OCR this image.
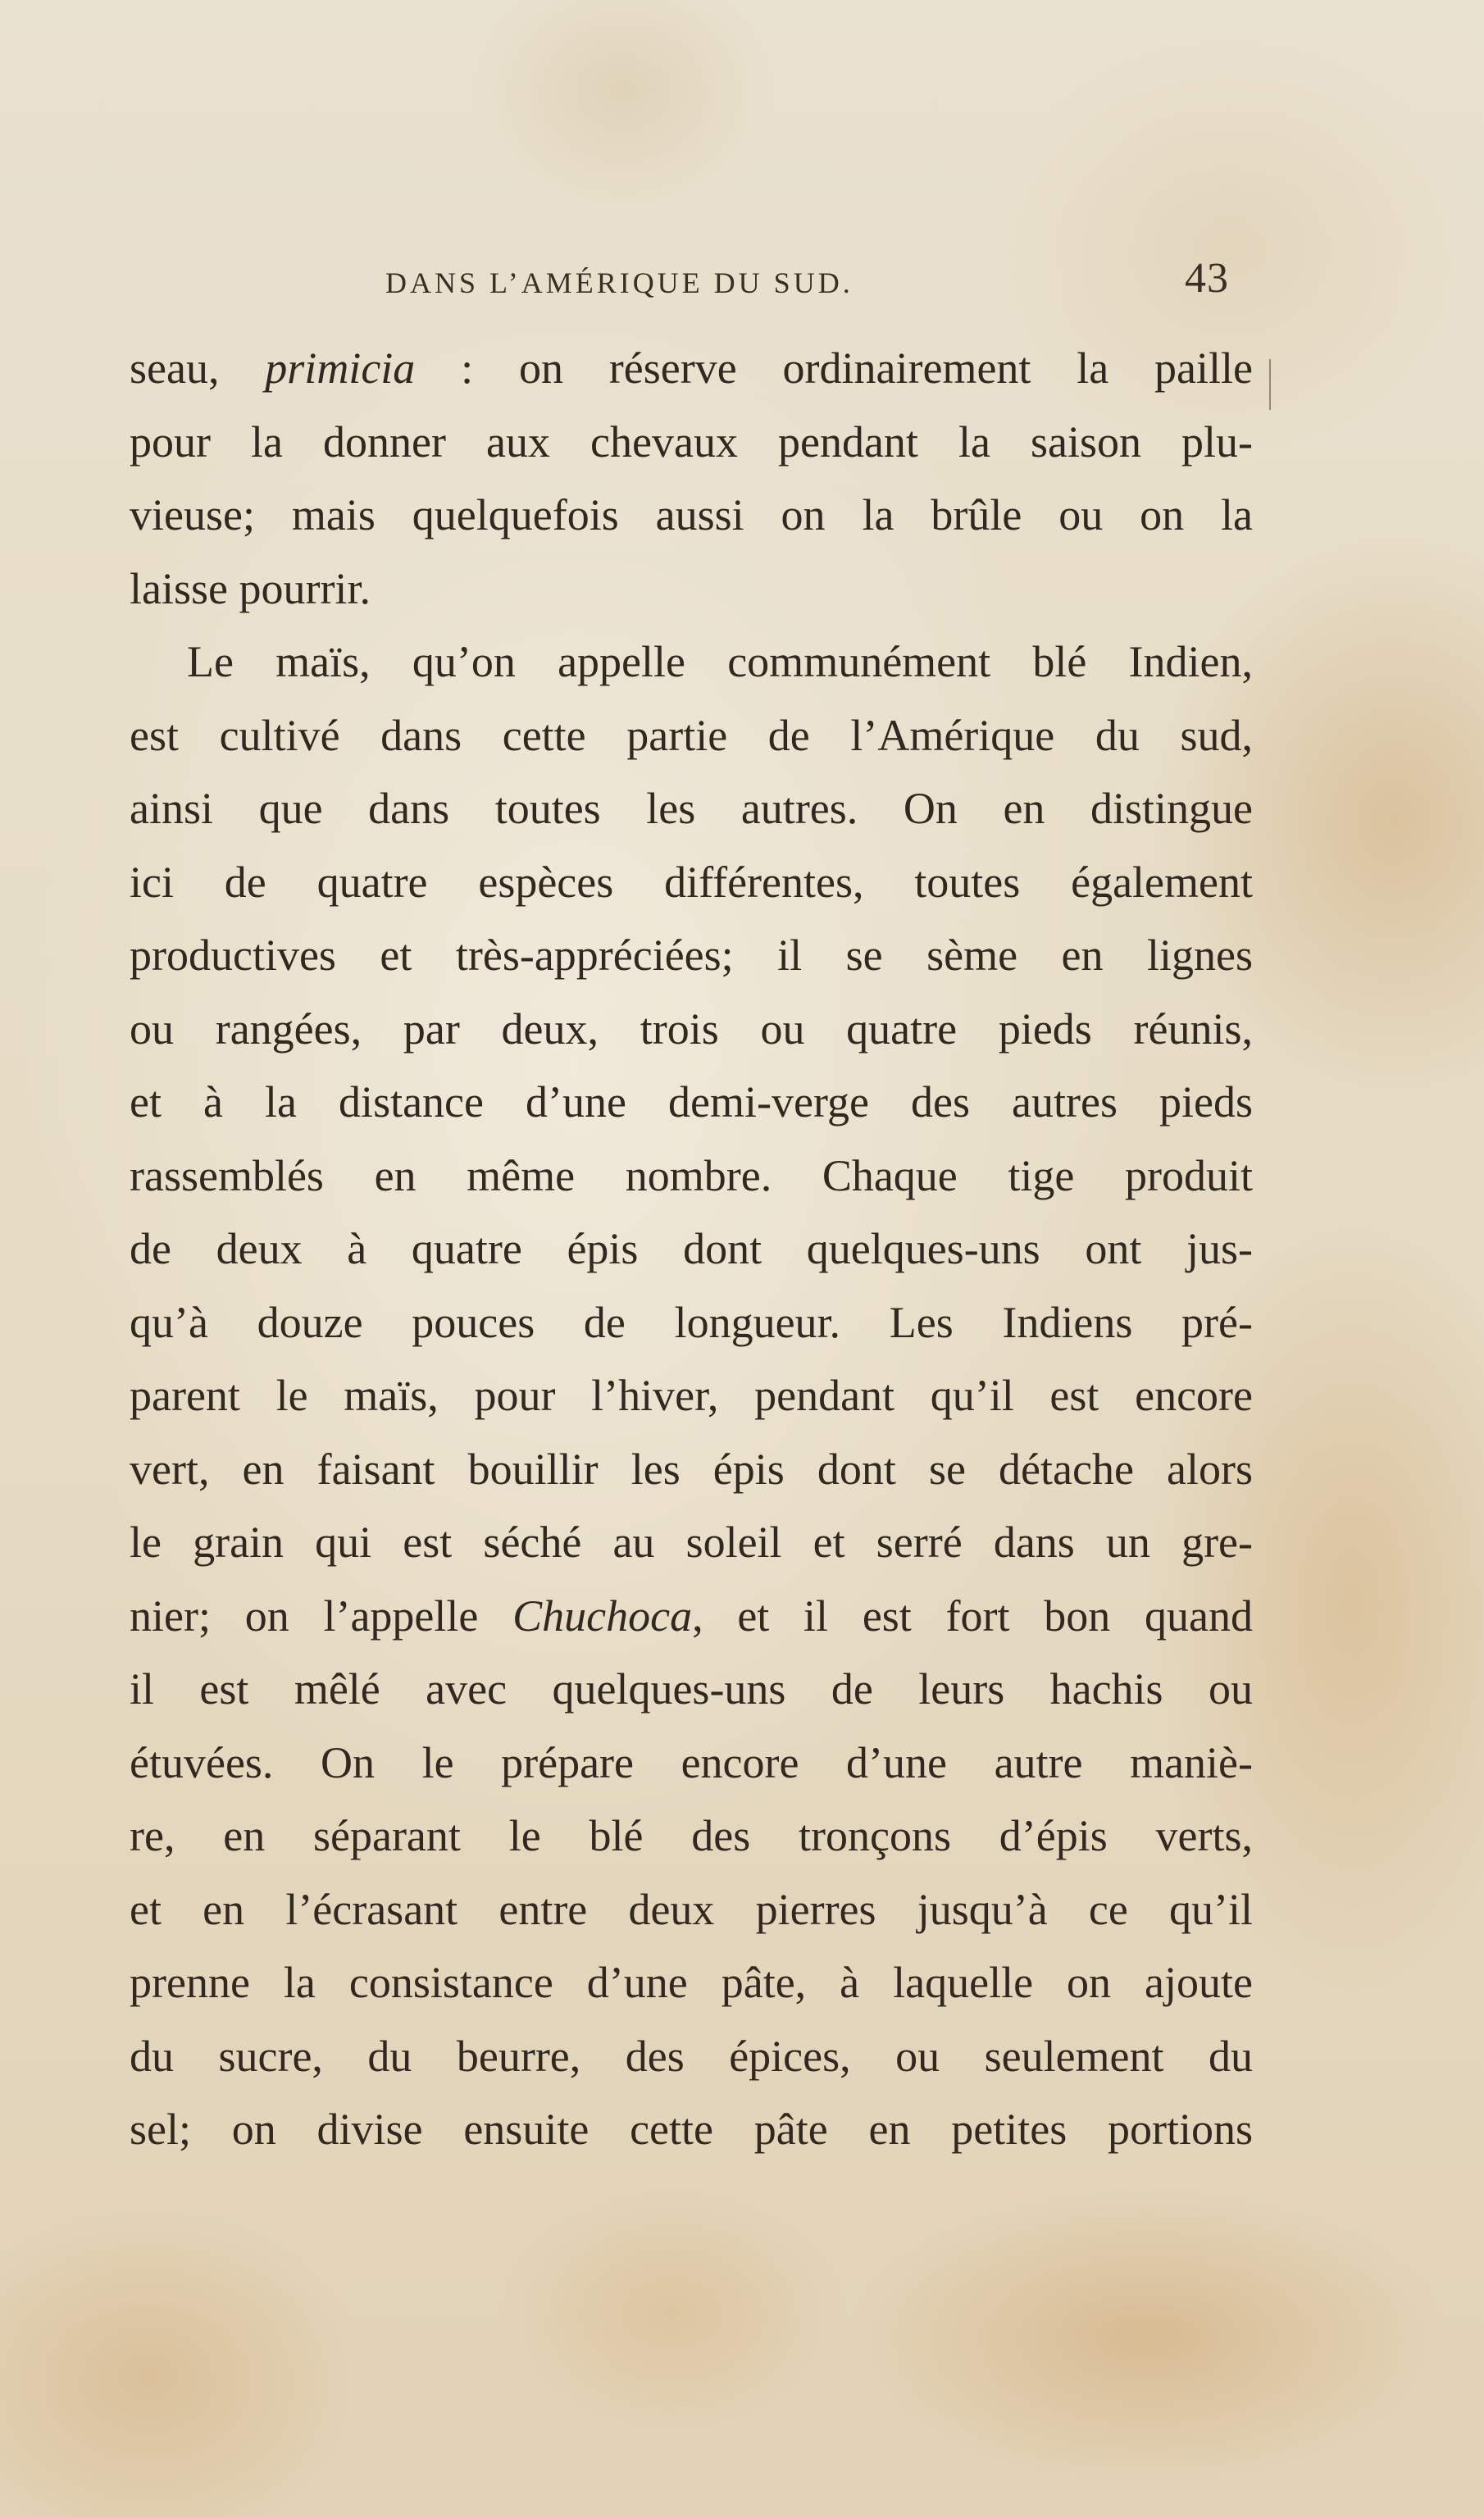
DANS L’AMÉRIQUE DU SUD.	43
seau, primicia : on réserve ordinairement la paille
pour la donner aux chevaux pendant la saison plu-
vieuse; mais quelquefois aussi on la brûle ou on la
laisse pourrir.
Le maïs, qu’on appelle communément blé Indien,
est cultivé dans cette partie de l’Amérique du sud,
ainsi que dans toutes les autres. On en distingue
ici de quatre espèces différentes, toutes également
productives et très-appréciées; il se sème en lignes
ou rangées, par deux, trois ou quatre pieds réunis,
et à la distance d’une demi-verge des autres pieds
rassemblés en même nombre. Chaque tige produit
de deux à quatre épis dont quelques-uns ont jus-
qu’à douze pouces de longueur. Les Indiens pré-
parent le maïs, pour l’hiver, pendant qu’il est encore
vert, en faisant bouillir les épis dont se détache alors
le grain qui est séché au soleil et serré dans un gre-
nier; on l’appelle Chuchoca, et il est fort bon quand
il est mêlé avec quelques-uns de leurs hachis ou
étuvées. On le prépare encore d’une autre maniè-
re, en séparant le blé des tronçons d’épis verts,
et en l’écrasant entre deux pierres jusqu’à ce qu’il
prenne la consistance d’une pâte, à laquelle on ajoute
du sucre, du beurre, des épices, ou seulement du
sel; on divise ensuite cette pâte en petites portions
